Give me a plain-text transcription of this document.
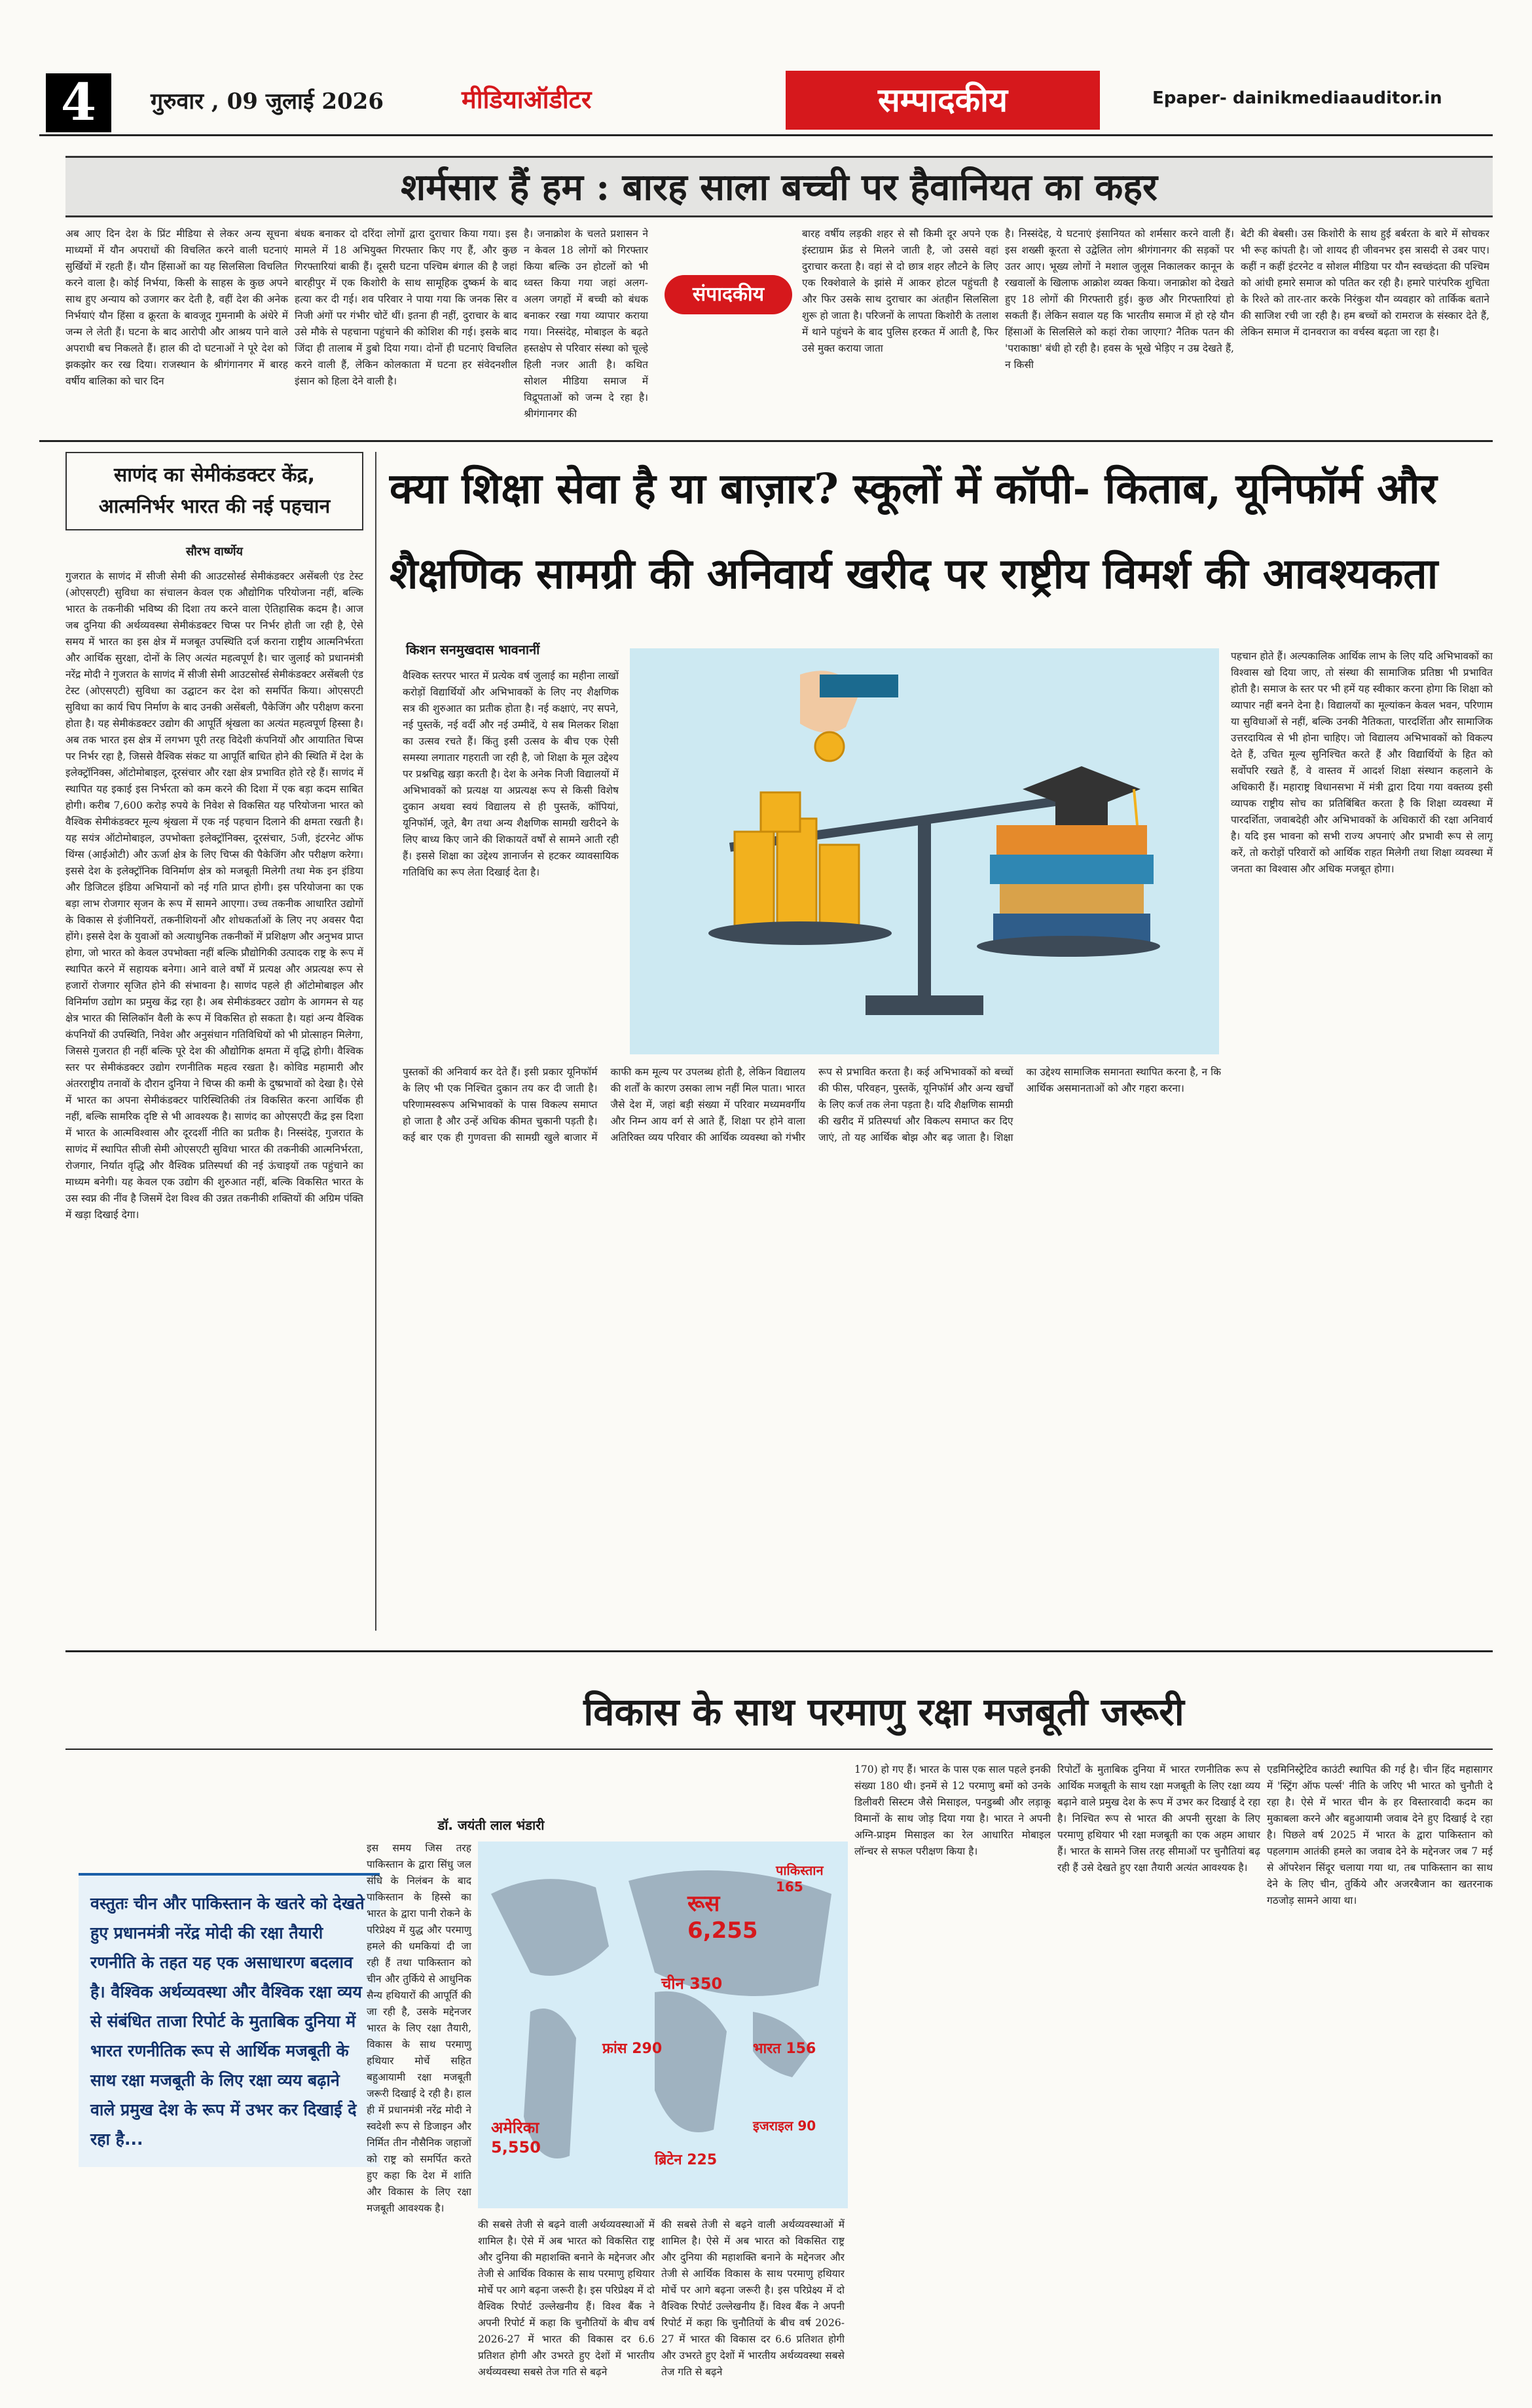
4	गुरुवार , 09 जुलाई 2026	मीडियाऑडीटर	सम्पादकीय	Epaper- dainikmediaauditor.in
शर्मसार हैं हम : बारह साला बच्ची पर हैवानियत का कहर
अब आए दिन देश के प्रिंट मीडिया से लेकर अन्य सूचना माध्यमों में यौन अपराधों की विचलित करने वाली घटनाएं सुर्खियों में रहती हैं। यौन हिंसाओं का यह सिलसिला विचलित करने वाला है। कोई निर्भया, किसी के साहस के कुछ अपने साथ हुए अन्याय को उजागर कर देती है, वहीं देश की अनेक निर्भयाएं यौन हिंसा व क्रूरता के बावजूद गुमनामी के अंधेरे में जन्म ले लेती हैं। घटना के बाद आरोपी और आश्रय पाने वाले अपराधी बच निकलते हैं। हाल की दो घटनाओं ने पूरे देश को झकझोर कर रख दिया। राजस्थान के श्रीगंगानगर में बारह वर्षीय बालिका को चार दिन
बंधक बनाकर दो दरिंदा लोगों द्वारा दुराचार किया गया। इस मामले में 18 अभियुक्त गिरफ्तार किए गए हैं, और कुछ गिरफ्तारियां बाकी हैं। दूसरी घटना पश्चिम बंगाल की है जहां बारहीपुर में एक किशोरी के साथ सामूहिक दुष्कर्म के बाद हत्या कर दी गई। शव परिवार ने पाया गया कि जनक सिर व निजी अंगों पर गंभीर चोटें थीं। इतना ही नहीं, दुराचार के बाद उसे मौके से पहचाना पहुंचाने की कोशिश की गई। इसके बाद जिंदा ही तालाब में डुबो दिया गया। दोनों ही घटनाएं विचलित करने वाली हैं, लेकिन कोलकाता में घटना हर संवेदनशील इंसान को हिला देने वाली है।
है। जनाक्रोश के चलते प्रशासन ने न केवल 18 लोगों को गिरफ्तार किया बल्कि उन होटलों को भी ध्वस्त किया गया जहां अलग-अलग जगहों में बच्ची को बंधक बनाकर रखा गया व्यापार कराया गया। निस्संदेह, मोबाइल के बढ़ते हस्तक्षेप से परिवार संस्था को चूल्हे हिली नजर आती है। कथित सोशल मीडिया समाज में विद्रूपताओं को जन्म दे रहा है। श्रीगंगानगर की
संपादकीय
बारह वर्षीय लड़की शहर से सौ किमी दूर अपने एक इंस्टाग्राम फ्रेंड से मिलने जाती है, जो उससे वहां दुराचार करता है। वहां से दो छात्र शहर लौटने के लिए एक रिक्शेवाले के झांसे में आकर होटल पहुंचती है और फिर उसके साथ दुराचार का अंतहीन सिलसिला शुरू हो जाता है। परिजनों के लापता किशोरी के तलाश में थाने पहुंचने के बाद पुलिस हरकत में आती है, फिर उसे मुक्त कराया जाता
है। निस्संदेह, ये घटनाएं इंसानियत को शर्मसार करने वाली हैं। इस शख्सी कूरता से उद्वेलित लोग श्रीगंगानगर की सड़कों पर उतर आए। भूख्य लोगों ने मशाल जुलूस निकालकर कानून के रखवालों के खिलाफ आक्रोश व्यक्त किया। जनाक्रोश को देखते हुए 18 लोगों की गिरफ्तारी हुई। कुछ और गिरफ्तारियां हो सकती हैं। लेकिन सवाल यह कि भारतीय समाज में हो रहे यौन हिंसाओं के सिलसिले को कहां रोका जाएगा? नैतिक पतन की 'पराकाष्ठा' बंधी हो रही है। हवस के भूखे भेड़िए न उम्र देखते हैं, न किसी
बेटी की बेबसी। उस किशोरी के साथ हुई बर्बरता के बारे में सोचकर भी रूह कांपती है। जो शायद ही जीवनभर इस त्रासदी से उबर पाए। कहीं न कहीं इंटरनेट व सोशल मीडिया पर यौन स्वच्छंदता की पश्चिम को आंधी हमारे समाज को पतित कर रही है। हमारे पारंपरिक शुचिता के रिश्ते को तार-तार करके निरंकुश यौन व्यवहार को तार्किक बताने की साजिश रची जा रही है। हम बच्चों को रामराज के संस्कार देते हैं, लेकिन समाज में दानवराज का वर्चस्व बढ़ता जा रहा है।
साणंद का सेमीकंडक्टर केंद्र, आत्मनिर्भर भारत की नई पहचान
सौरभ वार्ष्णेय
गुजरात के साणंद में सीजी सेमी की आउटसोर्स्ड सेमीकंडक्टर असेंबली एंड टेस्ट (ओएसएटी) सुविधा का संचालन केवल एक औद्योगिक परियोजना नहीं, बल्कि भारत के तकनीकी भविष्य की दिशा तय करने वाला ऐतिहासिक कदम है। आज जब दुनिया की अर्थव्यवस्था सेमीकंडक्टर चिप्स पर निर्भर होती जा रही है, ऐसे समय में भारत का इस क्षेत्र में मजबूत उपस्थिति दर्ज कराना राष्ट्रीय आत्मनिर्भरता और आर्थिक सुरक्षा, दोनों के लिए अत्यंत महत्वपूर्ण है। चार जुलाई को प्रधानमंत्री नरेंद्र मोदी ने गुजरात के साणंद में सीजी सेमी आउटसोर्स्ड सेमीकंडक्टर असेंबली एंड टेस्ट (ओएसएटी) सुविधा का उद्घाटन कर देश को समर्पित किया। ओएसएटी सुविधा का कार्य चिप निर्माण के बाद उनकी असेंबली, पैकेजिंग और परीक्षण करना होता है। यह सेमीकंडक्टर उद्योग की आपूर्ति श्रृंखला का अत्यंत महत्वपूर्ण हिस्सा है। अब तक भारत इस क्षेत्र में लगभग पूरी तरह विदेशी कंपनियों और आयातित चिप्स पर निर्भर रहा है, जिससे वैश्विक संकट या आपूर्ति बाधित होने की स्थिति में देश के इलेक्ट्रॉनिक्स, ऑटोमोबाइल, दूरसंचार और रक्षा क्षेत्र प्रभावित होते रहे हैं। साणंद में स्थापित यह इकाई इस निर्भरता को कम करने की दिशा में एक बड़ा कदम साबित होगी। करीब 7,600 करोड़ रुपये के निवेश से विकसित यह परियोजना भारत को वैश्विक सेमीकंडक्टर मूल्य श्रृंखला में एक नई पहचान दिलाने की क्षमता रखती है। यह सयंत्र ऑटोमोबाइल, उपभोक्ता इलेक्ट्रॉनिक्स, दूरसंचार, 5जी, इंटरनेट ऑफ थिंग्स (आईओटी) और ऊर्जा क्षेत्र के लिए चिप्स की पैकेजिंग और परीक्षण करेगा। इससे देश के इलेक्ट्रॉनिक विनिर्माण क्षेत्र को मजबूती मिलेगी तथा मेक इन इंडिया और डिजिटल इंडिया अभियानों को नई गति प्राप्त होगी। इस परियोजना का एक बड़ा लाभ रोजगार सृजन के रूप में सामने आएगा। उच्च तकनीक आधारित उद्योगों के विकास से इंजीनियरों, तकनीशियनों और शोधकर्ताओं के लिए नए अवसर पैदा होंगे। इससे देश के युवाओं को अत्याधुनिक तकनीकों में प्रशिक्षण और अनुभव प्राप्त होगा, जो भारत को केवल उपभोक्ता नहीं बल्कि प्रौद्योगिकी उत्पादक राष्ट्र के रूप में स्थापित करने में सहायक बनेगा। आने वाले वर्षों में प्रत्यक्ष और अप्रत्यक्ष रूप से हजारों रोजगार सृजित होने की संभावना है। साणंद पहले ही ऑटोमोबाइल और विनिर्माण उद्योग का प्रमुख केंद्र रहा है। अब सेमीकंडक्टर उद्योग के आगमन से यह क्षेत्र भारत की सिलिकॉन वैली के रूप में विकसित हो सकता है। यहां अन्य वैश्विक कंपनियों की उपस्थिति, निवेश और अनुसंधान गतिविधियों को भी प्रोत्साहन मिलेगा, जिससे गुजरात ही नहीं बल्कि पूरे देश की औद्योगिक क्षमता में वृद्धि होगी। वैश्विक स्तर पर सेमीकंडक्टर उद्योग रणनीतिक महत्व रखता है। कोविड महामारी और अंतरराष्ट्रीय तनावों के दौरान दुनिया ने चिप्स की कमी के दुष्प्रभावों को देखा है। ऐसे में भारत का अपना सेमीकंडक्टर पारिस्थितिकी तंत्र विकसित करना आर्थिक ही नहीं, बल्कि सामरिक दृष्टि से भी आवश्यक है। साणंद का ओएसएटी केंद्र इस दिशा में भारत के आत्मविश्वास और दूरदर्शी नीति का प्रतीक है। निस्संदेह, गुजरात के साणंद में स्थापित सीजी सेमी ओएसएटी सुविधा भारत की तकनीकी आत्मनिर्भरता, रोजगार, निर्यात वृद्धि और वैश्विक प्रतिस्पर्धा की नई ऊंचाइयों तक पहुंचाने का माध्यम बनेगी। यह केवल एक उद्योग की शुरुआत नहीं, बल्कि विकसित भारत के उस स्वप्न की नींव है जिसमें देश विश्व की उन्नत तकनीकी शक्तियों की अग्रिम पंक्ति में खड़ा दिखाई देगा।
क्या शिक्षा सेवा है या बाज़ार? स्कूलों में कॉपी- किताब, यूनिफॉर्म और
शैक्षणिक सामग्री की अनिवार्य खरीद पर राष्ट्रीय विमर्श की आवश्यकता
किशन सनमुखदास भावनानीं
वैश्विक स्तरपर भारत में प्रत्येक वर्ष जुलाई का महीना लाखों करोड़ों विद्यार्थियों और अभिभावकों के लिए नए शैक्षणिक सत्र की शुरुआत का प्रतीक होता है। नई कक्षाएं, नए सपने, नई पुस्तकें, नई वर्दी और नई उम्मीदें, ये सब मिलकर शिक्षा का उत्सव रचते हैं। किंतु इसी उत्सव के बीच एक ऐसी समस्या लगातार गहराती जा रही है, जो शिक्षा के मूल उद्देश्य पर प्रश्नचिह्न खड़ा करती है। देश के अनेक निजी विद्यालयों में अभिभावकों को प्रत्यक्ष या अप्रत्यक्ष रूप से किसी विशेष दुकान अथवा स्वयं विद्यालय से ही पुस्तकें, कॉपियां, यूनिफॉर्म, जूते, बैग तथा अन्य शैक्षणिक सामग्री खरीदने के लिए बाध्य किए जाने की शिकायतें वर्षों से सामने आती रही हैं। इससे शिक्षा का उद्देश्य ज्ञानार्जन से हटकर व्यावसायिक गतिविधि का रूप लेता दिखाई देता है।
पहचान होते हैं। अल्पकालिक आर्थिक लाभ के लिए यदि अभिभावकों का विश्वास खो दिया जाए, तो संस्था की सामाजिक प्रतिष्ठा भी प्रभावित होती है। समाज के स्तर पर भी हमें यह स्वीकार करना होगा कि शिक्षा को व्यापार नहीं बनने देना है। विद्यालयों का मूल्यांकन केवल भवन, परिणाम या सुविधाओं से नहीं, बल्कि उनकी नैतिकता, पारदर्शिता और सामाजिक उत्तरदायित्व से भी होना चाहिए। जो विद्यालय अभिभावकों को विकल्प देते हैं, उचित मूल्य सुनिश्चित करते हैं और विद्यार्थियों के हित को सर्वोपरि रखते हैं, वे वास्तव में आदर्श शिक्षा संस्थान कहलाने के अधिकारी हैं। महाराष्ट्र विधानसभा में मंत्री द्वारा दिया गया वक्तव्य इसी व्यापक राष्ट्रीय सोच का प्रतिबिंबित करता है कि शिक्षा व्यवस्था में पारदर्शिता, जवाबदेही और अभिभावकों के अधिकारों की रक्षा अनिवार्य है। यदि इस भावना को सभी राज्य अपनाएं और प्रभावी रूप से लागू करें, तो करोड़ों परिवारों को आर्थिक राहत मिलेगी तथा शिक्षा व्यवस्था में जनता का विश्वास और अधिक मजबूत होगा।
पुस्तकों की अनिवार्य कर देते हैं। इसी प्रकार यूनिफॉर्म के लिए भी एक निश्चित दुकान तय कर दी जाती है। परिणामस्वरूप अभिभावकों के पास विकल्प समाप्त हो जाता है और उन्हें अधिक कीमत चुकानी पड़ती है। कई बार एक ही गुणवत्ता की सामग्री खुले बाजार में काफी कम मूल्य पर उपलब्ध होती है, लेकिन विद्यालय की शर्तों के कारण उसका लाभ नहीं मिल पाता। भारत जैसे देश में, जहां बड़ी संख्या में परिवार मध्यमवर्गीय और निम्न आय वर्ग से आते हैं, शिक्षा पर होने वाला अतिरिक्त व्यय परिवार की आर्थिक व्यवस्था को गंभीर रूप से प्रभावित करता है। कई अभिभावकों को बच्चों की फीस, परिवहन, पुस्तकें, यूनिफॉर्म और अन्य खर्चों के लिए कर्ज तक लेना पड़ता है। यदि शैक्षणिक सामग्री की खरीद में प्रतिस्पर्धा और विकल्प समाप्त कर दिए जाएं, तो यह आर्थिक बोझ और बढ़ जाता है। शिक्षा का उद्देश्य सामाजिक समानता स्थापित करना है, न कि आर्थिक असमानताओं को और गहरा करना।
विकास के साथ परमाणु रक्षा मजबूती जरूरी
डॉ. जयंती लाल भंडारी
वस्तुतः चीन और पाकिस्तान के खतरे को देखते हुए प्रधानमंत्री नरेंद्र मोदी की रक्षा तैयारी रणनीति के तहत यह एक असाधारण बदलाव है। वैश्विक अर्थव्यवस्था और वैश्विक रक्षा व्यय से संबंधित ताजा रिपोर्ट के मुताबिक दुनिया में भारत रणनीतिक रूप से आर्थिक मजबूती के साथ रक्षा मजबूती के लिए रक्षा व्यय बढ़ाने वाले प्रमुख देश के रूप में उभर कर दिखाई दे रहा है...
की सबसे तेजी से बढ़ने वाली अर्थव्यवस्थाओं में शामिल है। ऐसे में अब भारत को विकसित राष्ट्र और दुनिया की महाशक्ति बनाने के मद्देनजर और तेजी से आर्थिक विकास के साथ परमाणु हथियार मोर्चे पर आगे बढ़ना जरूरी है। इस परिप्रेक्ष्य में दो वैश्विक रिपोर्ट उल्लेखनीय हैं। विश्व बैंक ने अपनी रिपोर्ट में कहा कि चुनौतियों के बीच वर्ष 2026-27 में भारत की विकास दर 6.6 प्रतिशत होगी और उभरते हुए देशों में भारतीय अर्थव्यवस्था सबसे तेज गति से बढ़ने
की सबसे तेजी से बढ़ने वाली अर्थव्यवस्थाओं में शामिल है। ऐसे में अब भारत को विकसित राष्ट्र और दुनिया की महाशक्ति बनाने के मद्देनजर और तेजी से आर्थिक विकास के साथ परमाणु हथियार मोर्चे पर आगे बढ़ना जरूरी है। इस परिप्रेक्ष्य में दो वैश्विक रिपोर्ट उल्लेखनीय हैं। विश्व बैंक ने अपनी रिपोर्ट में कहा कि चुनौतियों के बीच वर्ष 2026-27 में भारत की विकास दर 6.6 प्रतिशत होगी और उभरते हुए देशों में भारतीय अर्थव्यवस्था सबसे तेज गति से बढ़ने
रूस
6,255
चीन 350
फ्रांस 290
अमेरिका
5,550
ब्रिटेन 225
भारत 156
पाकिस्तान 165
इजराइल 90
170) हो गए हैं। भारत के पास एक साल पहले इनकी संख्या 180 थी। इनमें से 12 परमाणु बमों को उनके डिलीवरी सिस्टम जैसे मिसाइल, पनडुब्बी और लड़ाकू विमानों के साथ जोड़ दिया गया है। भारत ने अपनी अग्नि-प्राइम मिसाइल का रेल आधारित मोबाइल लॉन्चर से सफल परीक्षण किया है।
रिपोर्टों के मुताबिक दुनिया में भारत रणनीतिक रूप से आर्थिक मजबूती के साथ रक्षा मजबूती के लिए रक्षा व्यय बढ़ाने वाले प्रमुख देश के रूप में उभर कर दिखाई दे रहा है। निश्चित रूप से भारत की अपनी सुरक्षा के लिए परमाणु हथियार भी रक्षा मजबूती का एक अहम आधार हैं। भारत के सामने जिस तरह सीमाओं पर चुनौतियां बढ़ रही हैं उसे देखते हुए रक्षा तैयारी अत्यंत आवश्यक है।
एडमिनिस्ट्रेटिव काउंटी स्थापित की गई है। चीन हिंद महासागर में 'स्ट्रिंग ऑफ पर्ल्स' नीति के जरिए भी भारत को चुनौती दे रहा है। ऐसे में भारत चीन के हर विस्तारवादी कदम का मुकाबला करने और बहुआयामी जवाब देने हुए दिखाई दे रहा है। पिछले वर्ष 2025 में भारत के द्वारा पाकिस्तान को पहलगाम आतंकी हमले का जवाब देने के मद्देनजर जब 7 मई से ऑपरेशन सिंदूर चलाया गया था, तब पाकिस्तान का साथ देने के लिए चीन, तुर्किये और अजरबैजान का खतरनाक गठजोड़ सामने आया था।
इस समय जिस तरह पाकिस्तान के द्वारा सिंधु जल संधि के निलंबन के बाद पाकिस्तान के हिस्से का भारत के द्वारा पानी रोकने के परिप्रेक्ष्य में युद्ध और परमाणु हमले की धमकियां दी जा रही हैं तथा पाकिस्तान को चीन और तुर्किये से आधुनिक सैन्य हथियारों की आपूर्ति की जा रही है, उसके मद्देनजर भारत के लिए रक्षा तैयारी, विकास के साथ परमाणु हथियार मोर्चे सहित बहुआयामी रक्षा मजबूती जरूरी दिखाई दे रही है। हाल ही में प्रधानमंत्री नरेंद्र मोदी ने स्वदेशी रूप से डिजाइन और निर्मित तीन नौसैनिक जहाजों को राष्ट्र को समर्पित करते हुए कहा कि देश में शांति और विकास के लिए रक्षा मजबूती आवश्यक है।
